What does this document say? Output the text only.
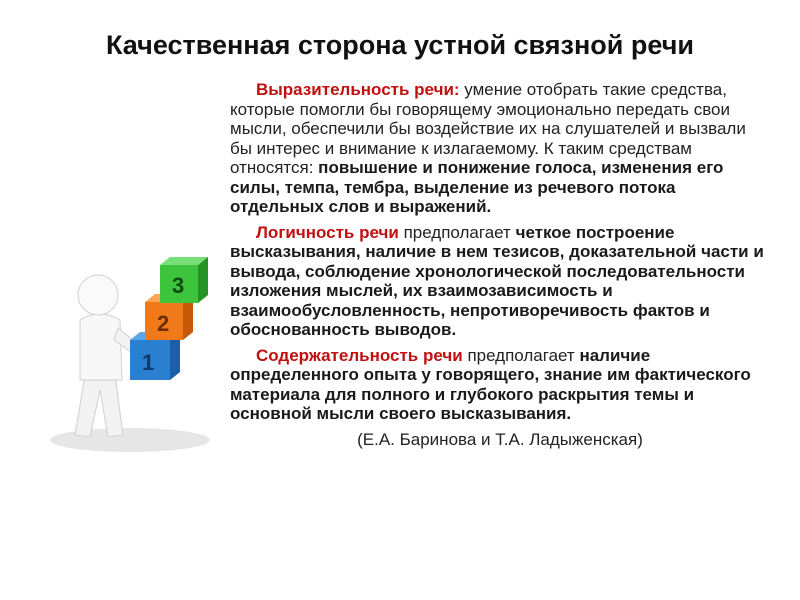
Качественная сторона устной связной речи
1
2
3

Выразительность речи: умение отобрать такие средства, которые помогли бы говорящему эмоционально передать свои мысли, обеспечили бы воздействие их на слушателей и вызвали бы интерес и внимание к излагаемому. К таким средствам относятся: повышение и понижение голоса, изменения его силы, темпа, тембра, выделение из речевого потока отдельных слов и выражений.

Логичность речи предполагает четкое построение высказывания, наличие в нем тезисов, доказательной части и вывода, соблюдение хронологической последовательности изложения мыслей, их взаимозависимость и взаимообусловленность, непротиворечивость фактов и обоснованность выводов.

Содержательность речи предполагает наличие определенного опыта у говорящего, знание им фактического материала для полного и глубокого раскрытия темы и основной мысли своего высказывания.

(Е.А. Баринова и Т.А. Ладыженская)
